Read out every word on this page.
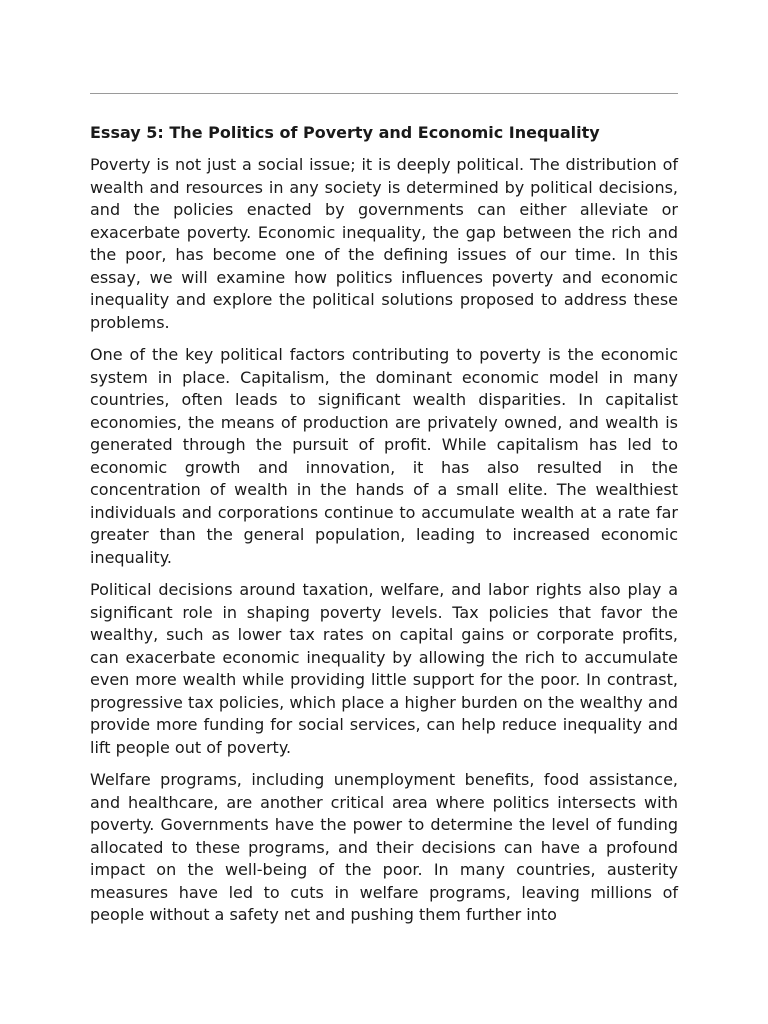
Essay 5: The Politics of Poverty and Economic Inequality

Poverty is not just a social issue; it is deeply political. The distribution of wealth and resources in any society is determined by political decisions, and the policies enacted by governments can either alleviate or exacerbate poverty. Economic inequality, the gap between the rich and the poor, has become one of the defining issues of our time. In this essay, we will examine how politics influences poverty and economic inequality and explore the political solutions proposed to address these problems.

One of the key political factors contributing to poverty is the economic system in place. Capitalism, the dominant economic model in many countries, often leads to significant wealth disparities. In capitalist economies, the means of production are privately owned, and wealth is generated through the pursuit of profit. While capitalism has led to economic growth and innovation, it has also resulted in the concentration of wealth in the hands of a small elite. The wealthiest individuals and corporations continue to accumulate wealth at a rate far greater than the general population, leading to increased economic inequality.

Political decisions around taxation, welfare, and labor rights also play a significant role in shaping poverty levels. Tax policies that favor the wealthy, such as lower tax rates on capital gains or corporate profits, can exacerbate economic inequality by allowing the rich to accumulate even more wealth while providing little support for the poor. In contrast, progressive tax policies, which place a higher burden on the wealthy and provide more funding for social services, can help reduce inequality and lift people out of poverty.

Welfare programs, including unemployment benefits, food assistance, and healthcare, are another critical area where politics intersects with poverty. Governments have the power to determine the level of funding allocated to these programs, and their decisions can have a profound impact on the well-being of the poor. In many countries, austerity measures have led to cuts in welfare programs, leaving millions of people without a safety net and pushing them further into
